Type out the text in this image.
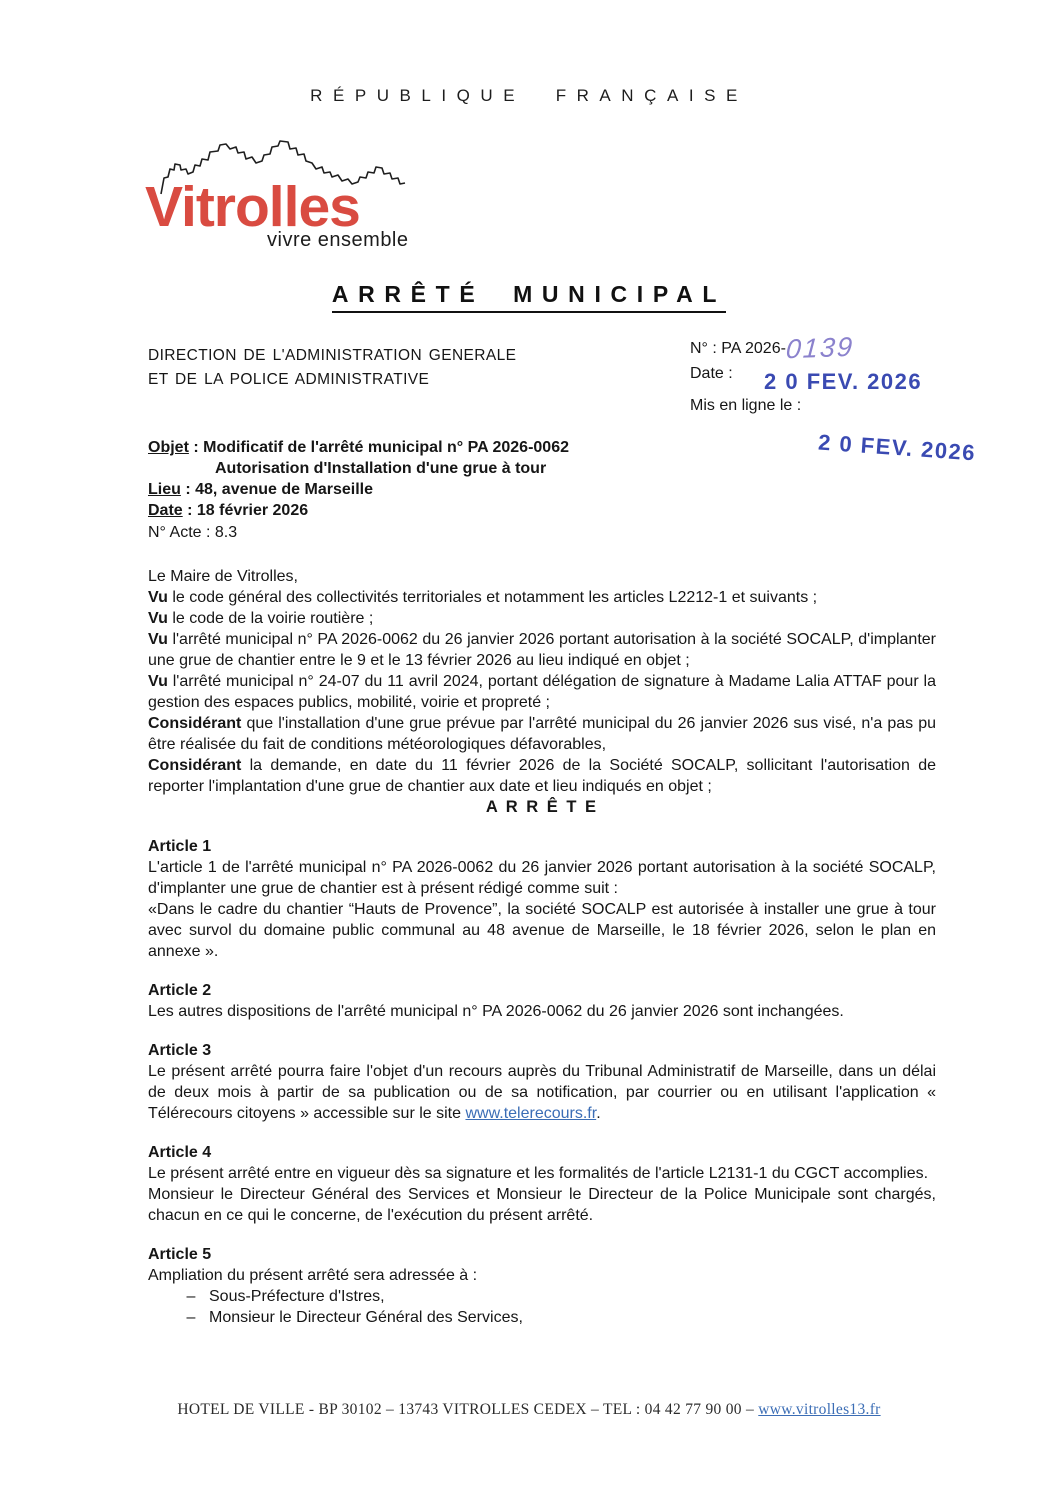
RÉPUBLIQUE FRANÇAISE
Vitrolles
vivre ensemble
ARRÊTÉ MUNICIPAL
DIRECTION DE L'ADMINISTRATION GENERALE
ET DE LA POLICE ADMINISTRATIVE
N° : PA 2026-0139
Date :	2 0 FEV. 2026
Mis en ligne le :
2 0 FEV. 2026
Objet : Modificatif de l'arrêté municipal n° PA 2026-0062
Autorisation d'Installation d'une grue à tour
Lieu : 48, avenue de Marseille
Date : 18 février 2026
N° Acte : 8.3

Le Maire de Vitrolles,

Vu le code général des collectivités territoriales et notamment les articles L2212-1 et suivants ;

Vu le code de la voirie routière ;

Vu l'arrêté municipal n° PA 2026-0062 du 26 janvier 2026 portant autorisation à la société SOCALP, d'implanter une grue de chantier entre le 9 et le 13 février 2026 au lieu indiqué en objet ;

Vu l'arrêté municipal n° 24-07 du 11 avril 2024, portant délégation de signature à Madame Lalia ATTAF pour la gestion des espaces publics, mobilité, voirie et propreté ;

Considérant que l'installation d'une grue prévue par l'arrêté municipal du 26 janvier 2026 sus visé, n'a pas pu être réalisée du fait de conditions météorologiques défavorables,

Considérant la demande, en date du 11 février 2026 de la Société SOCALP, sollicitant l'autorisation de reporter l'implantation d'une grue de chantier aux date et lieu indiqués en objet ;

A R R Ê T E

Article 1

L'article 1 de l'arrêté municipal n° PA 2026-0062 du 26 janvier 2026 portant autorisation à la société SOCALP, d'implanter une grue de chantier est à présent rédigé comme suit :

«Dans le cadre du chantier “Hauts de Provence”, la société SOCALP est autorisée à installer une grue à tour avec survol du domaine public communal au 48 avenue de Marseille, le 18 février 2026, selon le plan en annexe ».

Article 2

Les autres dispositions de l'arrêté municipal n° PA 2026-0062 du 26 janvier 2026 sont inchangées.

Article 3

Le présent arrêté pourra faire l'objet d'un recours auprès du Tribunal Administratif de Marseille, dans un délai de deux mois à partir de sa publication ou de sa notification, par courrier ou en utilisant l'application « Télérecours citoyens » accessible sur le site www.telerecours.fr.

Article 4

Le présent arrêté entre en vigueur dès sa signature et les formalités de l'article L2131-1 du CGCT accomplies.

Monsieur le Directeur Général des Services et Monsieur le Directeur de la Police Municipale sont chargés, chacun en ce qui le concerne, de l'exécution du présent arrêté.

Article 5

Ampliation du présent arrêté sera adressée à :

– Sous-Préfecture d'Istres,
– Monsieur le Directeur Général des Services,
HOTEL DE VILLE - BP 30102 – 13743 VITROLLES CEDEX – TEL : 04 42 77 90 00 – www.vitrolles13.fr
